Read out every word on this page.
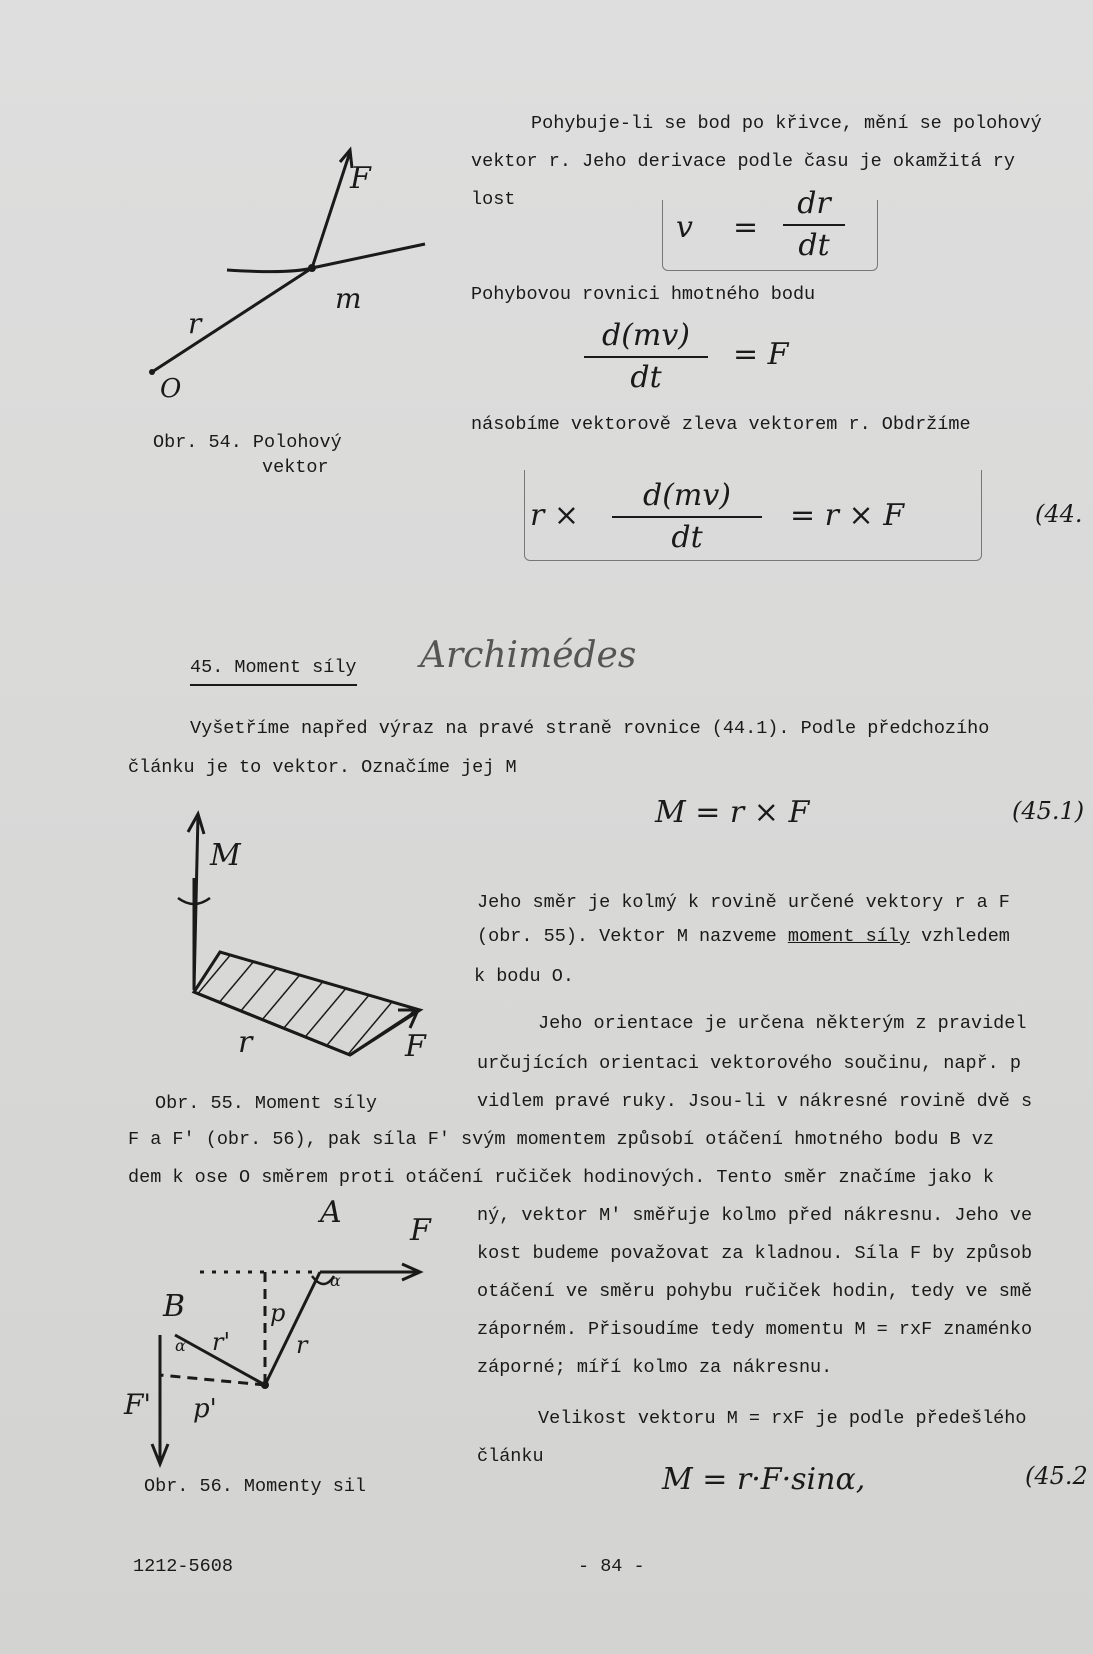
F
m
r
O
Obr. 54. Polohový
vektor
Pohybuje-li se bod po křivce, mění se polohový
vektor r. Jeho derivace podle času je okamžitá ry
lost
v =
dr
dt
Pohybovou rovnici hmotného bodu
d(mv)
dt
= F
násobíme vektorově zleva vektorem r. Obdržíme
r ×
d(mv)
dt
= r × F	(44.
45. Moment síly Archimédes
Vyšetříme napřed výraz na pravé straně rovnice (44.1). Podle předchozího
článku je to vektor. Označíme jej M
M = r × F	(45.1)
M
r	F
Obr. 55. Moment síly
Jeho směr je kolmý k rovině určené vektory r a F
(obr. 55). Vektor M nazveme moment síly vzhledem
k bodu O.
Jeho orientace je určena některým z pravidel
určujících orientaci vektorového součinu, např. p
vidlem pravé ruky. Jsou-li v nákresné rovině dvě s
F a F' (obr. 56), pak síla F' svým momentem způsobí otáčení hmotného bodu B vz
dem k ose O směrem proti otáčení ručiček hodinových. Tento směr značíme jako k
ný, vektor M' směřuje kolmo před nákresnu. Jeho ve
kost budeme považovat za kladnou. Síla F by způsob
otáčení ve směru pohybu ručiček hodin, tedy ve smě
záporném. Přisoudíme tedy momentu M = rxF znaménko
záporné; míří kolmo za nákresnu.
A
F
B
r'	r
p
p'
F'
α
α
Obr. 56. Momenty sil
Velikost vektoru M = rxF je podle předešlého
článku
M = r·F·sinα,	(45.2
1212-5608	- 84 -
